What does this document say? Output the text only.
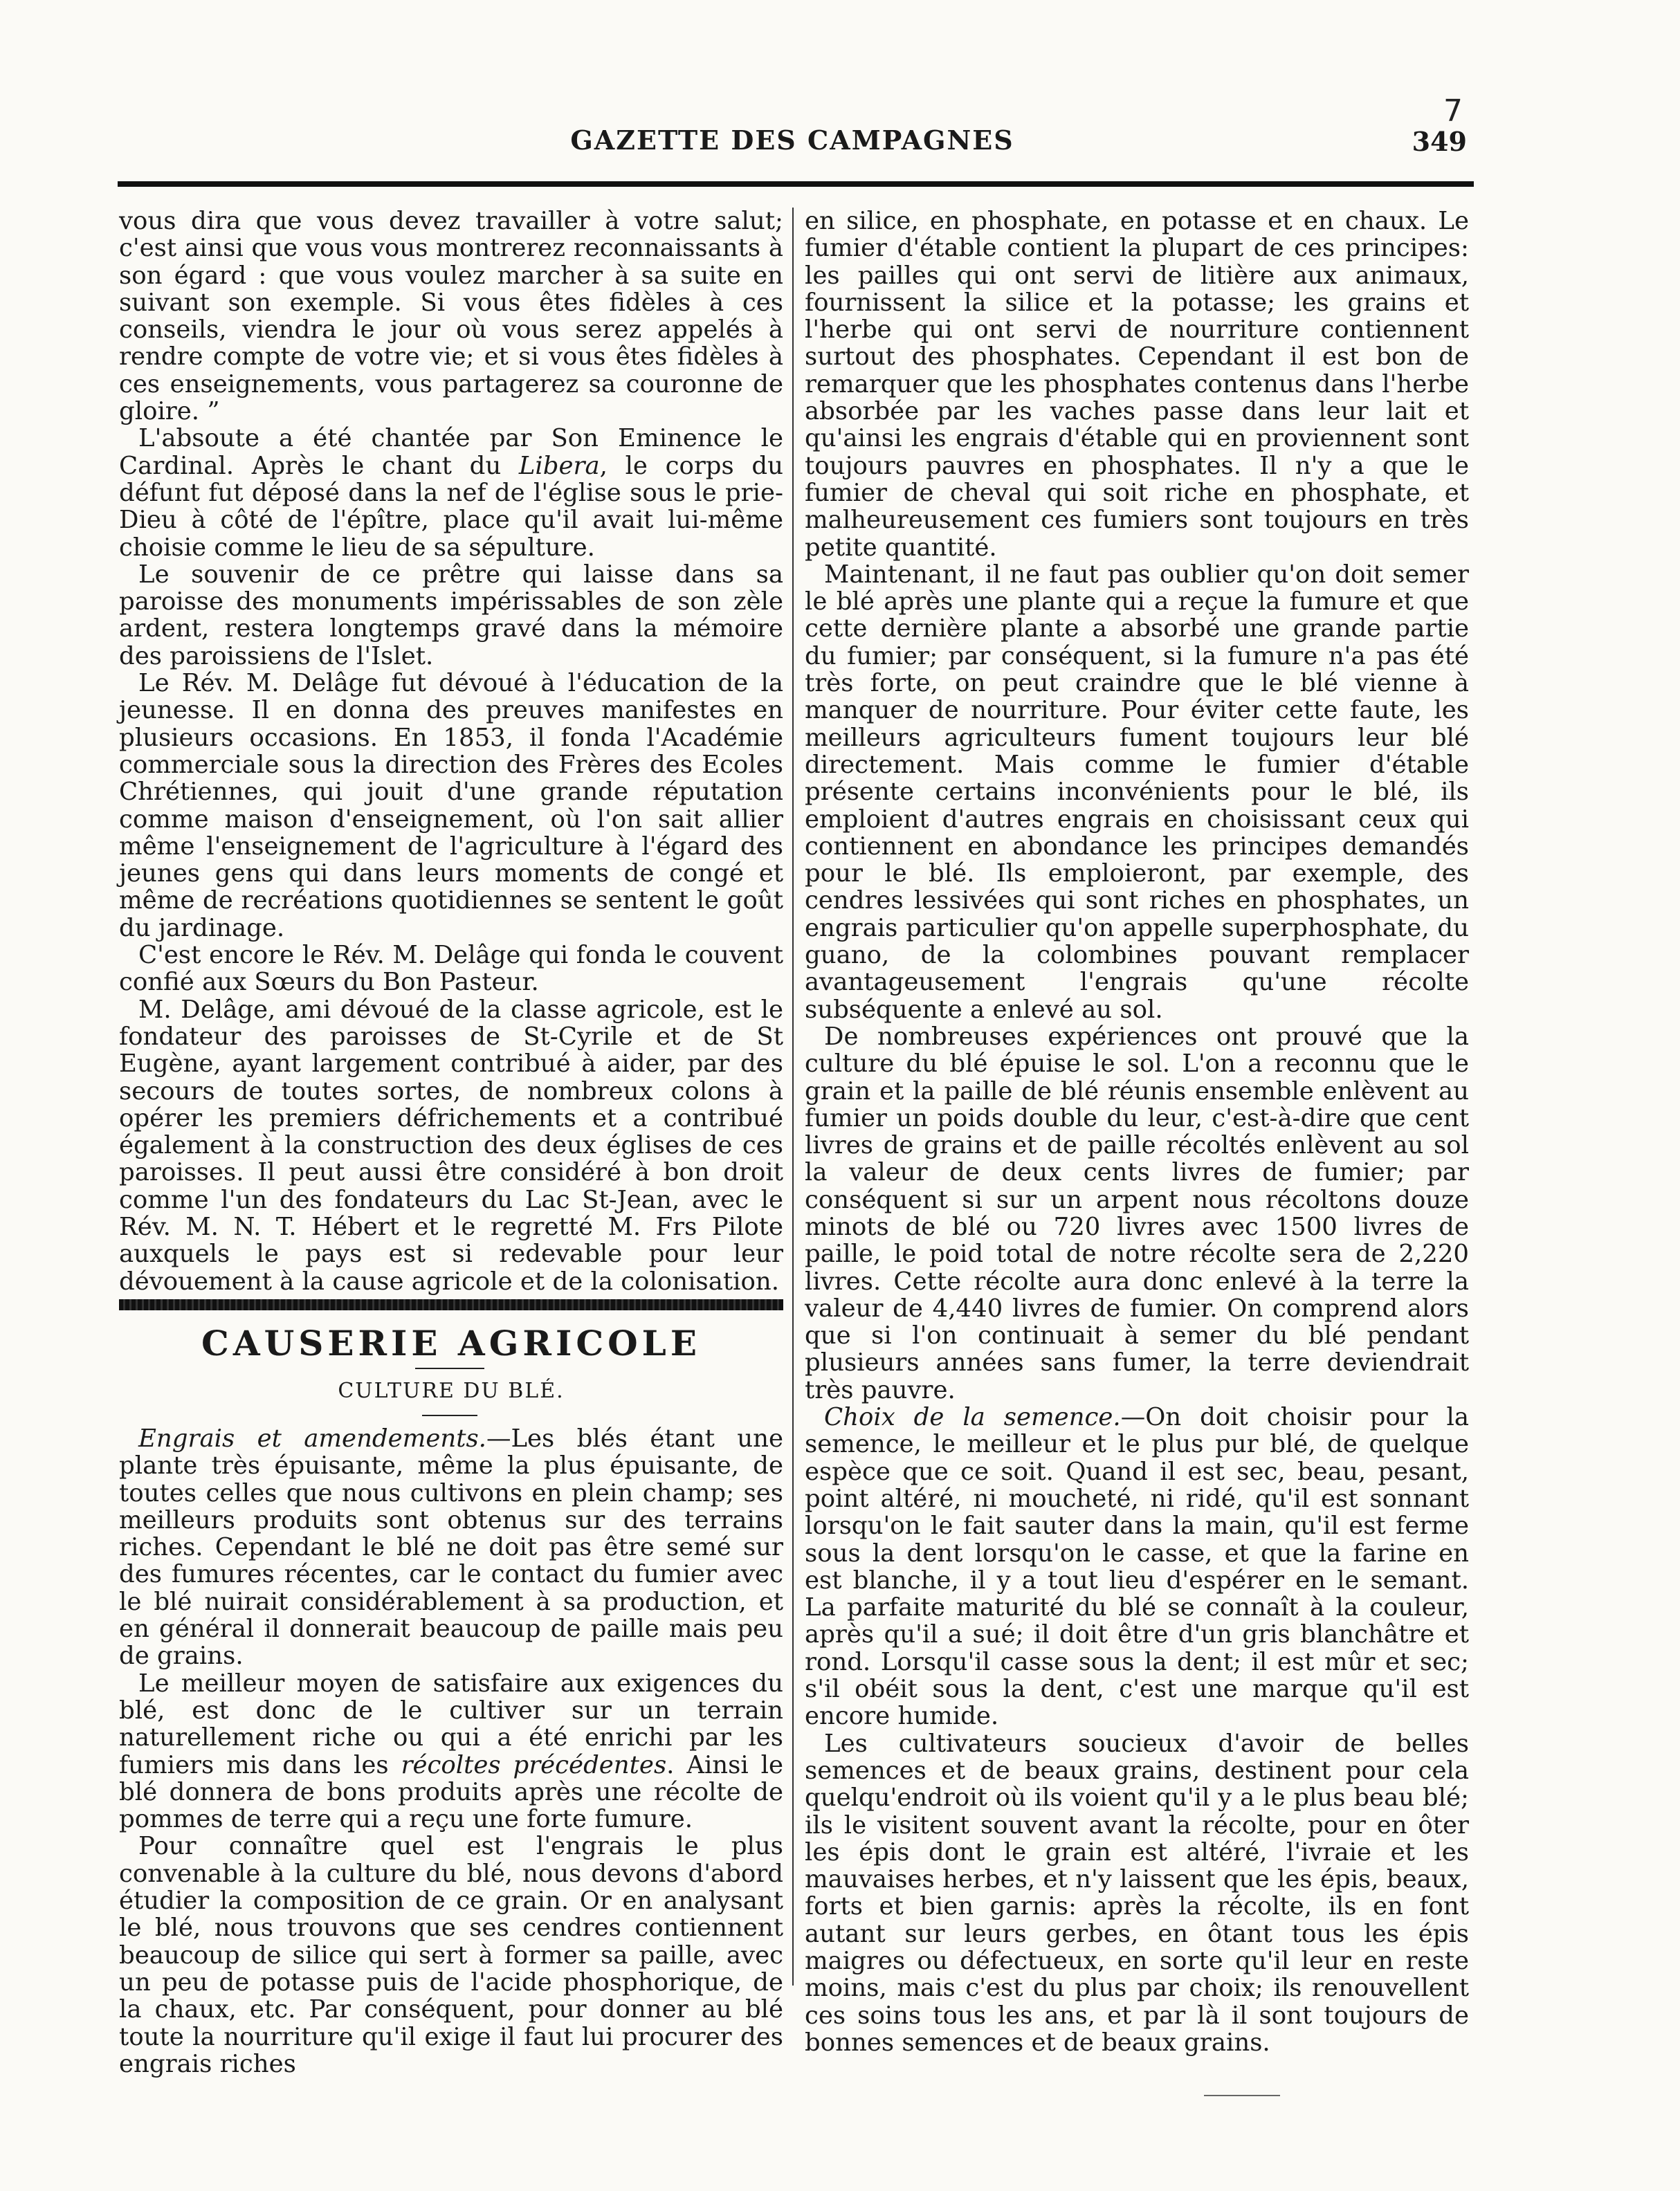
GAZETTE DES CAMPAGNES	349
7

vous dira que vous devez travailler à votre salut; c'est ainsi que vous vous montrerez reconnaissants à son égard : que vous voulez marcher à sa suite en suivant son exemple. Si vous êtes fidèles à ces conseils, viendra le jour où vous serez appelés à rendre compte de votre vie; et si vous êtes fidèles à ces enseignements, vous partagerez sa couronne de gloire. ”

L'absoute a été chantée par Son Eminence le Cardinal. Après le chant du Libera, le corps du défunt fut déposé dans la nef de l'église sous le prie-Dieu à côté de l'épître, place qu'il avait lui-même choisie comme le lieu de sa sépulture.

Le souvenir de ce prêtre qui laisse dans sa paroisse des monuments impérissables de son zèle ardent, restera longtemps gravé dans la mémoire des paroissiens de l'Islet.

Le Rév. M. Delâge fut dévoué à l'éducation de la jeunesse. Il en donna des preuves manifestes en plusieurs occasions. En 1853, il fonda l'Académie commerciale sous la direction des Frères des Ecoles Chrétiennes, qui jouit d'une grande réputation comme maison d'enseignement, où l'on sait allier même l'enseignement de l'agriculture à l'égard des jeunes gens qui dans leurs moments de congé et même de recréations quotidiennes se sentent le goût du jardinage.

C'est encore le Rév. M. Delâge qui fonda le couvent confié aux Sœurs du Bon Pasteur.

M. Delâge, ami dévoué de la classe agricole, est le fondateur des paroisses de St-Cyrile et de St Eugène, ayant largement contribué à aider, par des secours de toutes sortes, de nombreux colons à opérer les premiers défrichements et a contribué également à la construction des deux églises de ces paroisses. Il peut aussi être considéré à bon droit comme l'un des fondateurs du Lac St-Jean, avec le Rév. M. N. T. Hébert et le regretté M. Frs Pilote auxquels le pays est si redevable pour leur dévouement à la cause agricole et de la colonisation.

CAUSERIE AGRICOLE
CULTURE DU BLÉ.

Engrais et amendements.—Les blés étant une plante très épuisante, même la plus épuisante, de toutes celles que nous cultivons en plein champ; ses meilleurs produits sont obtenus sur des terrains riches. Cependant le blé ne doit pas être semé sur des fumures récentes, car le contact du fumier avec le blé nuirait considérablement à sa production, et en général il donnerait beaucoup de paille mais peu de grains.

Le meilleur moyen de satisfaire aux exigences du blé, est donc de le cultiver sur un terrain naturellement riche ou qui a été enrichi par les fumiers mis dans les récoltes précédentes. Ainsi le blé donnera de bons produits après une récolte de pommes de terre qui a reçu une forte fumure.

Pour connaître quel est l'engrais le plus convenable à la culture du blé, nous devons d'abord étudier la composition de ce grain. Or en analysant le blé, nous trouvons que ses cendres contiennent beaucoup de silice qui sert à former sa paille, avec un peu de potasse puis de l'acide phosphorique, de la chaux, etc. Par conséquent, pour donner au blé toute la nourriture qu'il exige il faut lui procurer des engrais riches

en silice, en phosphate, en potasse et en chaux. Le fumier d'étable contient la plupart de ces principes: les pailles qui ont servi de litière aux animaux, fournissent la silice et la potasse; les grains et l'herbe qui ont servi de nourriture contiennent surtout des phosphates. Cependant il est bon de remarquer que les phosphates contenus dans l'herbe absorbée par les vaches passe dans leur lait et qu'ainsi les engrais d'étable qui en proviennent sont toujours pauvres en phosphates. Il n'y a que le fumier de cheval qui soit riche en phosphate, et malheureusement ces fumiers sont toujours en très petite quantité.

Maintenant, il ne faut pas oublier qu'on doit semer le blé après une plante qui a reçue la fumure et que cette dernière plante a absorbé une grande partie du fumier; par conséquent, si la fumure n'a pas été très forte, on peut craindre que le blé vienne à manquer de nourriture. Pour éviter cette faute, les meilleurs agriculteurs fument toujours leur blé directement. Mais comme le fumier d'étable présente certains inconvénients pour le blé, ils emploient d'autres engrais en choisissant ceux qui contiennent en abondance les principes demandés pour le blé. Ils emploieront, par exemple, des cendres lessivées qui sont riches en phosphates, un engrais particulier qu'on appelle superphosphate, du guano, de la colombines pouvant remplacer avantageusement l'engrais qu'une récolte subséquente a enlevé au sol.

De nombreuses expériences ont prouvé que la culture du blé épuise le sol. L'on a reconnu que le grain et la paille de blé réunis ensemble enlèvent au fumier un poids double du leur, c'est-à-dire que cent livres de grains et de paille récoltés enlèvent au sol la valeur de deux cents livres de fumier; par conséquent si sur un arpent nous récoltons douze minots de blé ou 720 livres avec 1500 livres de paille, le poid total de notre récolte sera de 2,220 livres. Cette récolte aura donc enlevé à la terre la valeur de 4,440 livres de fumier. On comprend alors que si l'on continuait à semer du blé pendant plusieurs années sans fumer, la terre deviendrait très pauvre.

Choix de la semence.—On doit choisir pour la semence, le meilleur et le plus pur blé, de quelque espèce que ce soit. Quand il est sec, beau, pesant, point altéré, ni moucheté, ni ridé, qu'il est sonnant lorsqu'on le fait sauter dans la main, qu'il est ferme sous la dent lorsqu'on le casse, et que la farine en est blanche, il y a tout lieu d'espérer en le semant. La parfaite maturité du blé se connaît à la couleur, après qu'il a sué; il doit être d'un gris blanchâtre et rond. Lorsqu'il casse sous la dent; il est mûr et sec; s'il obéit sous la dent, c'est une marque qu'il est encore humide.

Les cultivateurs soucieux d'avoir de belles semences et de beaux grains, destinent pour cela quelqu'endroit où ils voient qu'il y a le plus beau blé; ils le visitent souvent avant la récolte, pour en ôter les épis dont le grain est altéré, l'ivraie et les mauvaises herbes, et n'y laissent que les épis, beaux, forts et bien garnis: après la récolte, ils en font autant sur leurs gerbes, en ôtant tous les épis maigres ou défectueux, en sorte qu'il leur en reste moins, mais c'est du plus par choix; ils renouvellent ces soins tous les ans, et par là il sont toujours de bonnes semences et de beaux grains.
